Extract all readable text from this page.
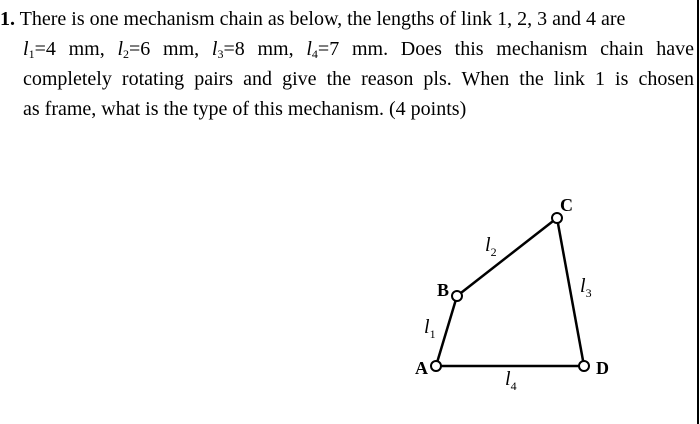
1. There is one mechanism chain as below, the lengths of link 1, 2, 3 and 4 are
$l_1=4$ mm, $l_2=6$ mm, $l_3=8$ mm, $l_4=7$ mm. Does this mechanism chain have
completely rotating pairs and give the reason pls. When the link 1 is chosen
as frame, what is the type of this mechanism. (4 points)
A
B
C
D
$l_1$
$l_2$
$l_3$
$l_4$
